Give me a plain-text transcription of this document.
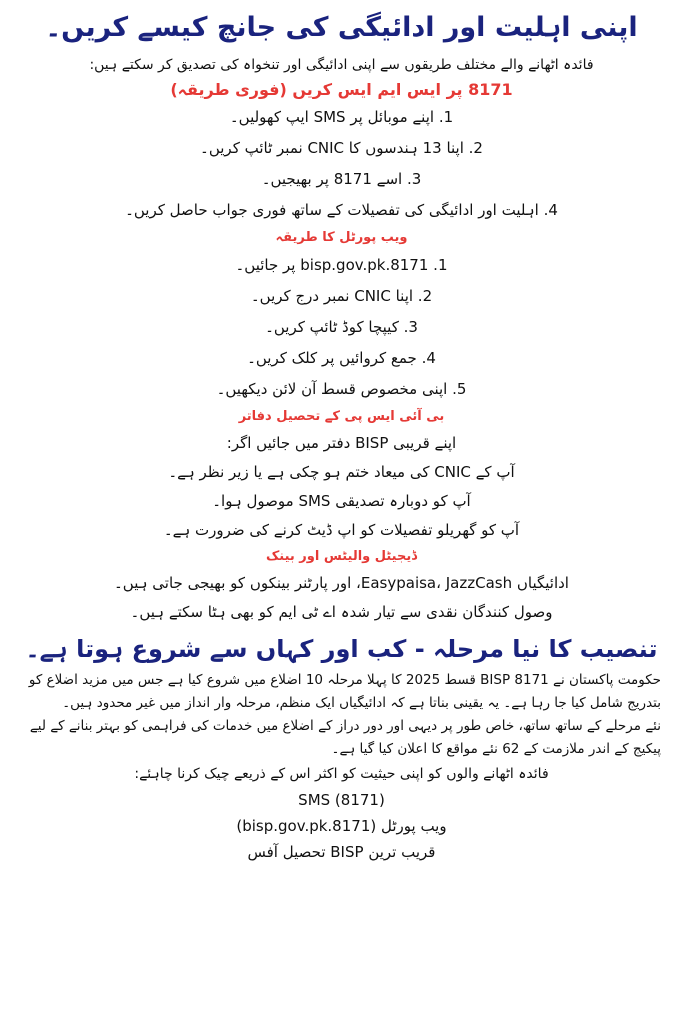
اپنی اہلیت اور ادائیگی کی جانچ کیسے کریں۔
فائدہ اٹھانے والے مختلف طریقوں سے اپنی ادائیگی اور تنخواہ کی تصدیق کر سکتے ہیں:
8171 پر ایس ایم ایس کریں (فوری طریقہ)
1. اپنے موبائل پر SMS ایپ کھولیں۔
2. اپنا 13 ہندسوں کا CNIC نمبر ٹائپ کریں۔
3. اسے 8171 پر بھیجیں۔
4. اہلیت اور ادائیگی کی تفصیلات کے ساتھ فوری جواب حاصل کریں۔
ویب پورٹل کا طریقہ
1. bisp.gov.pk.8171 پر جائیں۔
2. اپنا CNIC نمبر درج کریں۔
3. کیپچا کوڈ ٹائپ کریں۔
4. جمع کروائیں پر کلک کریں۔
5. اپنی مخصوص قسط آن لائن دیکھیں۔
بی آئی ایس پی کے تحصیل دفاتر
اپنے قریبی BISP دفتر میں جائیں اگر:
آپ کے CNIC کی میعاد ختم ہو چکی ہے یا زیر نظر ہے۔
آپ کو دوبارہ تصدیقی SMS موصول ہوا۔
آپ کو گھریلو تفصیلات کو اپ ڈیٹ کرنے کی ضرورت ہے۔
ڈیجیٹل والیٹس اور بینک
ادائیگیاں Easypaisa، JazzCash، اور پارٹنر بینکوں کو بھیجی جاتی ہیں۔
وصول کنندگان نقدی سے تیار شدہ اے ٹی ایم کو بھی ہٹا سکتے ہیں۔
تنصیب کا نیا مرحلہ - کب اور کہاں سے شروع ہوتا ہے۔
حکومت پاکستان نے BISP 8171 قسط 2025 کا پہلا مرحلہ 10 اضلاع میں شروع کیا ہے جس میں مزید اضلاع کو بتدریج شامل کیا جا رہا ہے۔ یہ یقینی بناتا ہے کہ ادائیگیاں ایک منظم، مرحلہ وار انداز میں غیر محدود ہیں۔
نئے مرحلے کے ساتھ ساتھ، خاص طور پر دیہی اور دور دراز کے اضلاع میں خدمات کی فراہمی کو بہتر بنانے کے لیے پیکیج کے اندر ملازمت کے 62 نئے مواقع کا اعلان کیا گیا ہے۔
فائدہ اٹھانے والوں کو اپنی حیثیت کو اکثر اس کے ذریعے چیک کرنا چاہئے:
SMS (8171)
ویب پورٹل (bisp.gov.pk.8171)
قریب ترین BISP تحصیل آفس
